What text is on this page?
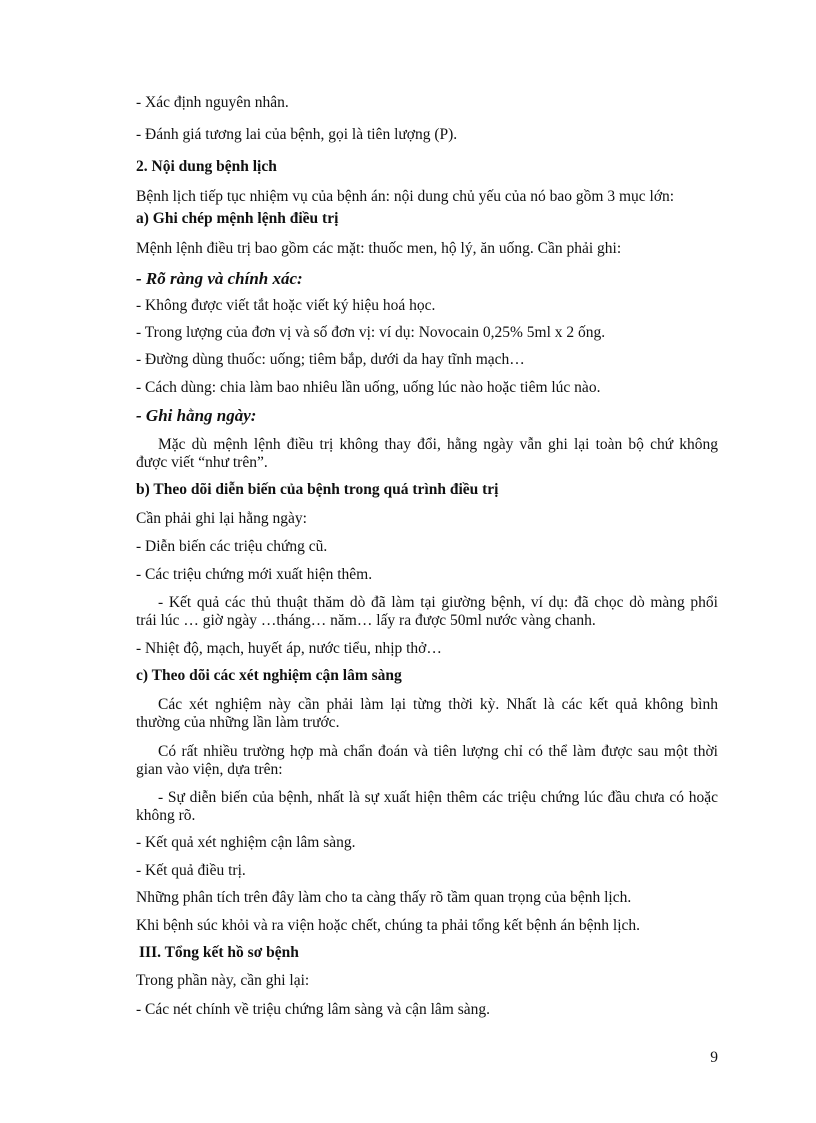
- Xác định nguyên nhân.
- Đánh giá tương lai của bệnh, gọi là tiên lượng (P).
2. Nội dung bệnh lịch
Bệnh lịch tiếp tục nhiệm vụ của bệnh án: nội dung chủ yếu của nó bao gồm 3 mục lớn:
a) Ghi chép mệnh lệnh điều trị
Mệnh lệnh điều trị bao gồm các mặt: thuốc men, hộ lý, ăn uống. Cần phải ghi:
- Rõ ràng và chính xác:
- Không được viết tắt hoặc viết ký hiệu hoá học.
- Trong lượng của đơn vị và số đơn vị: ví dụ: Novocain 0,25% 5ml x 2 ống.
- Đường dùng thuốc: uống; tiêm bắp, dưới da hay tĩnh mạch…
- Cách dùng: chia làm bao nhiêu lần uống, uống lúc nào hoặc tiêm lúc nào.
- Ghi hằng ngày:
Mặc dù mệnh lệnh điều trị không thay đổi, hằng ngày vẫn ghi lại toàn bộ chứ không
được viết “như trên”.
b) Theo dõi diễn biến của bệnh trong quá trình điều trị
Cần phải ghi lại hằng ngày:
- Diễn biến các triệu chứng cũ.
- Các triệu chứng mới xuất hiện thêm.
- Kết quả các thủ thuật thăm dò đã làm tại giường bệnh, ví dụ: đã chọc dò màng phổi
trái lúc … giờ ngày …tháng… năm… lấy ra được 50ml nước vàng chanh.
- Nhiệt độ, mạch, huyết áp, nước tiểu, nhịp thở…
c) Theo dõi các xét nghiệm cận lâm sàng
Các xét nghiệm này cần phải làm lại từng thời kỳ. Nhất là các kết quả không bình
thường của những lần làm trước.
Có rất nhiều trường hợp mà chẩn đoán và tiên lượng chỉ có thể làm được sau một thời
gian vào viện, dựa trên:
- Sự diễn biến của bệnh, nhất là sự xuất hiện thêm các triệu chứng lúc đầu chưa có hoặc
không rõ.
- Kết quả xét nghiệm cận lâm sàng.
- Kết quả điều trị.
Những phân tích trên đây làm cho ta càng thấy rõ tầm quan trọng của bệnh lịch.
Khi bệnh súc khỏi và ra viện hoặc chết, chúng ta phải tổng kết bệnh án bệnh lịch.
III. Tổng kết hồ sơ bệnh
Trong phần này, cần ghi lại:
- Các nét chính về triệu chứng lâm sàng và cận lâm sàng.
9
